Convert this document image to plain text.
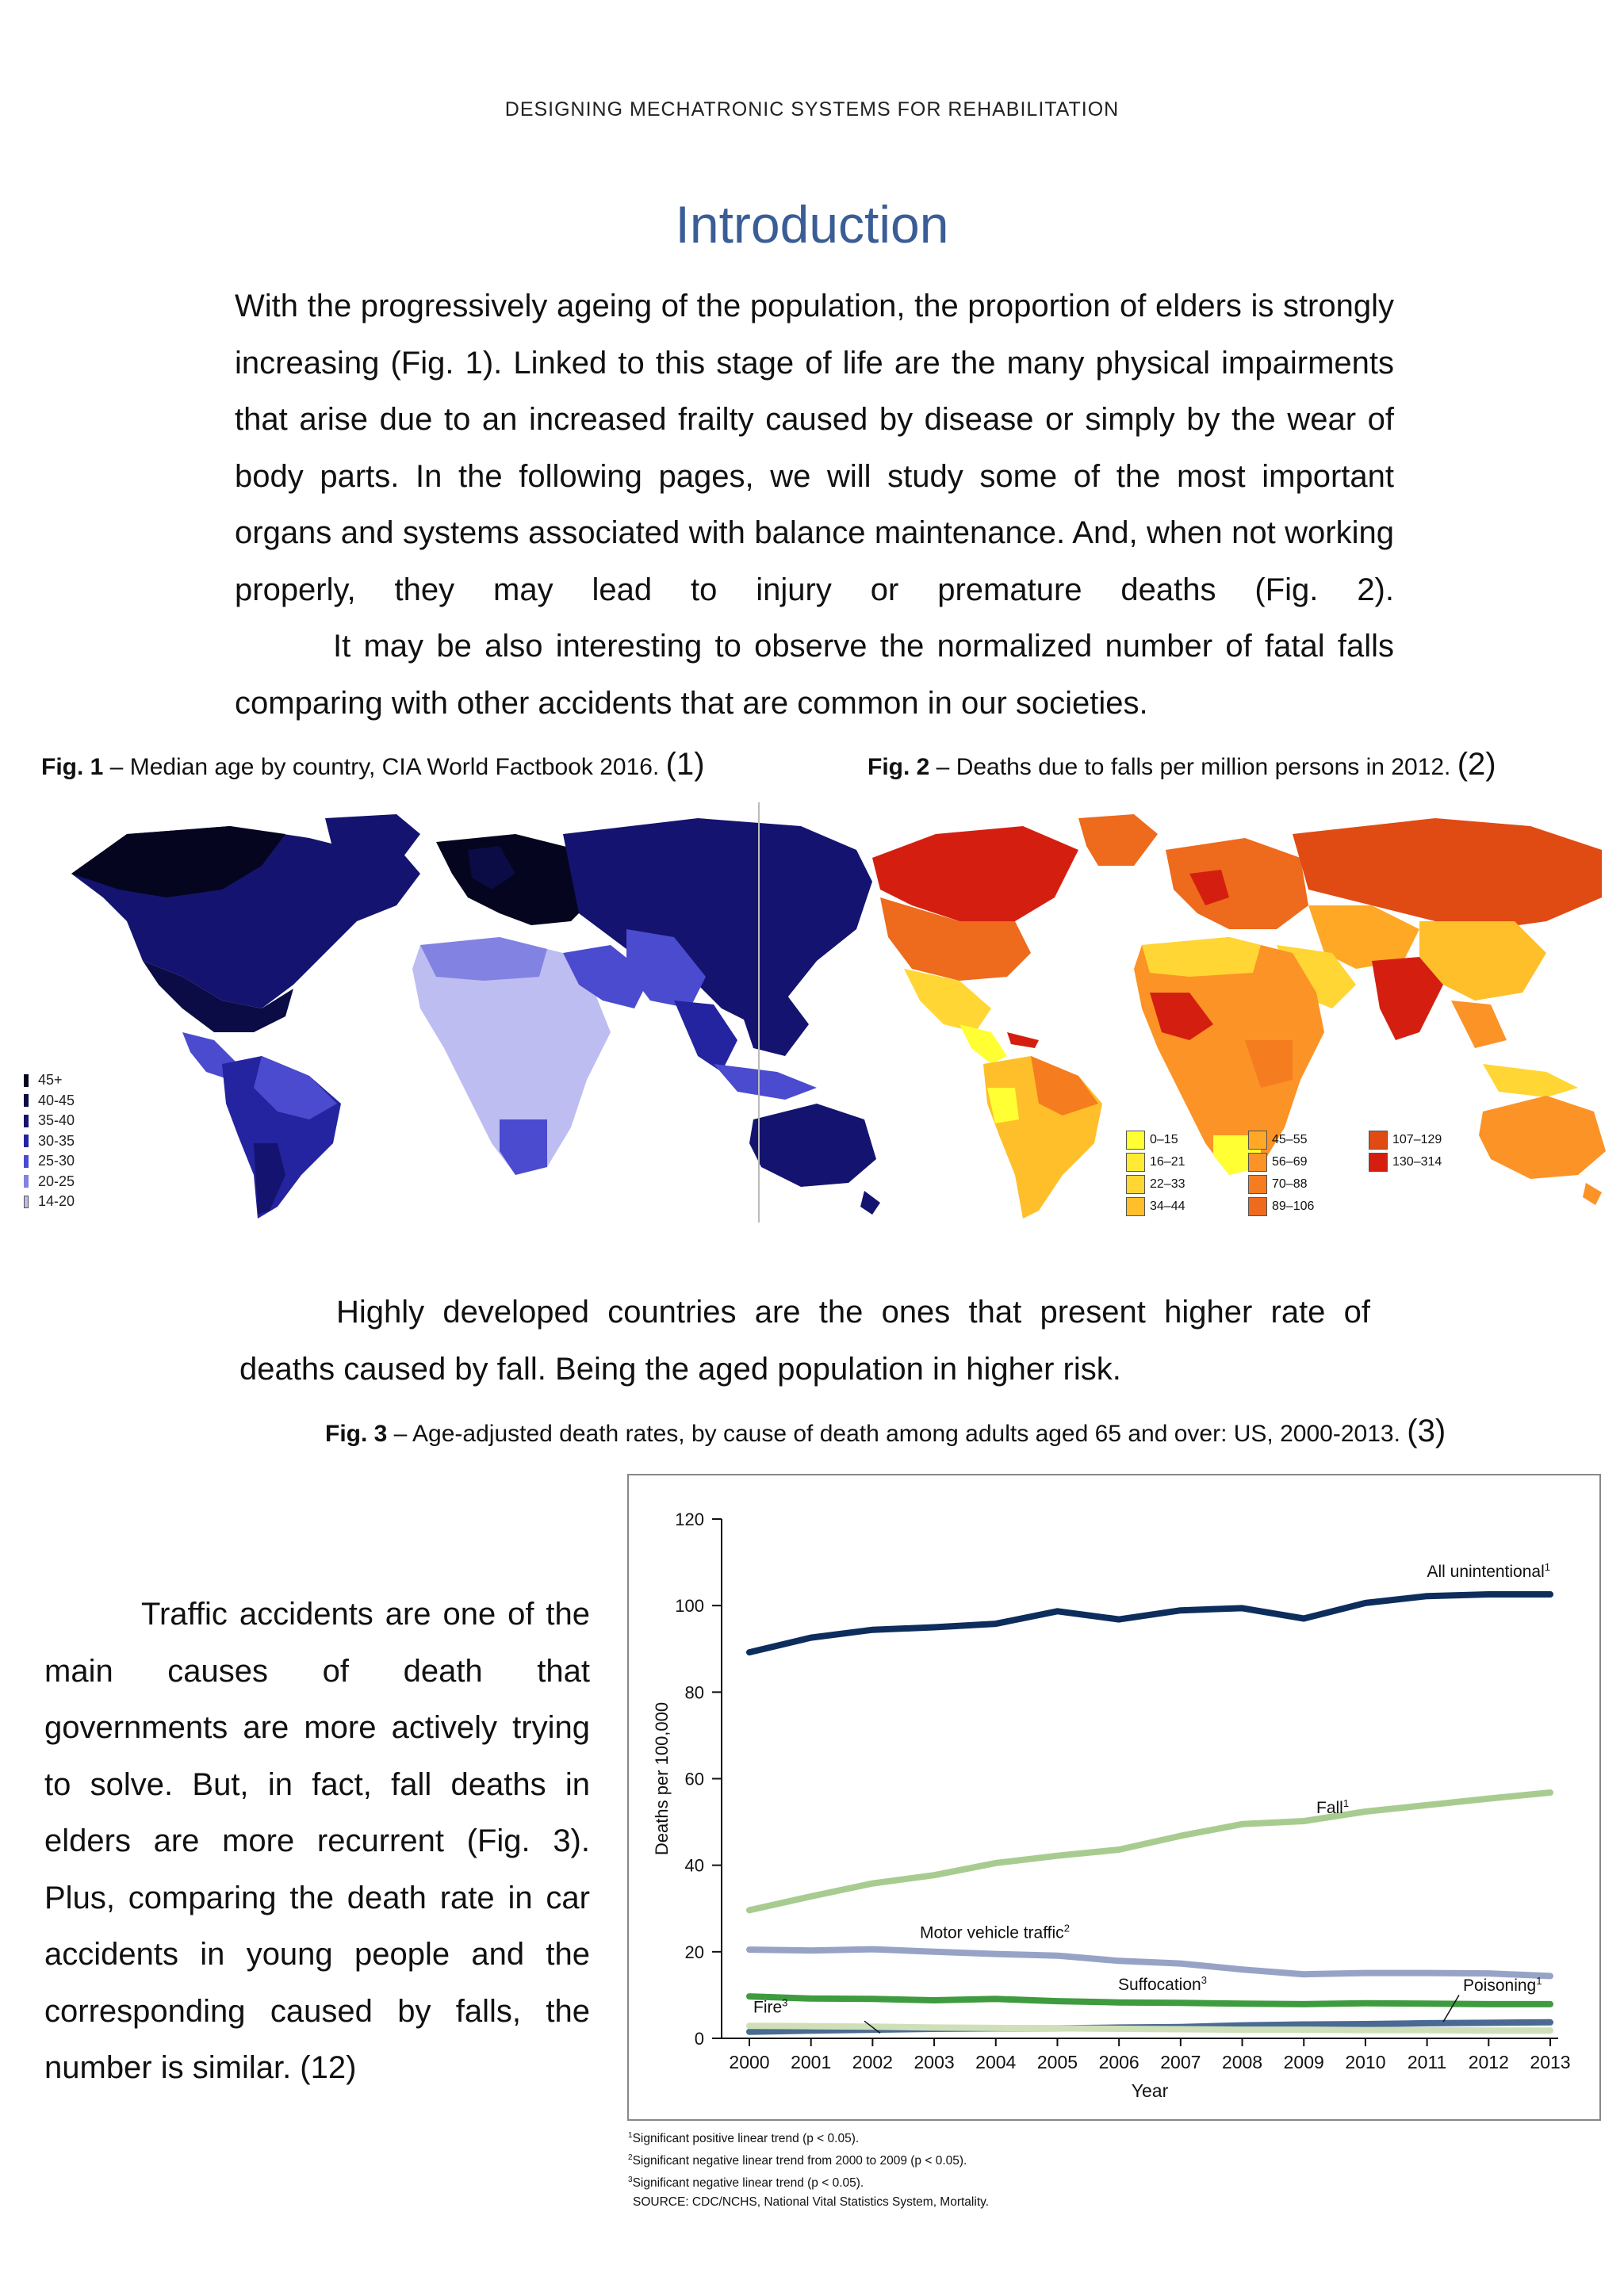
DESIGNING MECHATRONIC SYSTEMS FOR REHABILITATION
Introduction
With the progressively ageing of the population, the proportion of elders is strongly increasing (Fig. 1). Linked to this stage of life are the many physical impairments that arise due to an increased frailty caused by disease or simply by the wear of body parts. In the following pages, we will study some of the most important organs and systems associated with balance maintenance. And, when not working properly, they may lead to injury or premature deaths (Fig. 2).
It may be also interesting to observe the normalized number of fatal falls comparing with other accidents that are common in our societies.
Fig. 1 – Median age by country, CIA World Factbook 2016. (1)	Fig. 2 – Deaths due to falls per million persons in 2012. (2)
45+
40-45
35-40
30-35
25-30
20-25
14-20
0–15
16–21
22–33
34–44
45–55
56–69
70–88
89–106
107–129
130–314
Highly developed countries are the ones that present higher rate of deaths caused by fall. Being the aged population in higher risk.
Fig. 3 – Age-adjusted death rates, by cause of death among adults aged 65 and over: US, 2000-2013. (3)
Traffic accidents are one of the main causes of death that governments are more actively trying to solve. But, in fact, fall deaths in elders are more recurrent (Fig. 3). Plus, comparing the death rate in car accidents in young people and the corresponding caused by falls, the number is similar. (12)
0
20
40
60
80
100
120
2000 2001 2002 2003 2004 2005 2006 2007 2008 2009 2010 2011 2012 2013
Year
Deaths per 100,000
All unintentional$^1$
Fall$^1$
Motor vehicle traffic$^2$
Suffocation$^3$	Poisoning$^1$
Fire$^3$
$^1$Significant positive linear trend (p < 0.05).
$^2$Significant negative linear trend from 2000 to 2009 (p < 0.05).
$^3$Significant negative linear trend (p < 0.05).
SOURCE: CDC/NCHS, National Vital Statistics System, Mortality.
